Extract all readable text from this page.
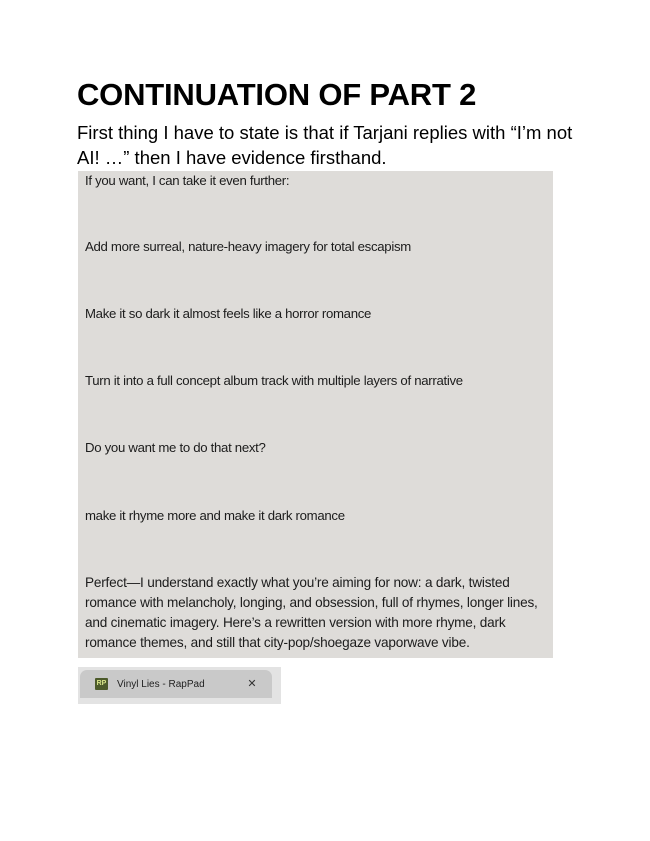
CONTINUATION OF PART 2

First thing I have to state is that if Tarjani replies with “I’m not AI! …” then I have evidence firsthand.

If you want, I can take it even further:

Add more surreal, nature-heavy imagery for total escapism

Make it so dark it almost feels like a horror romance

Turn it into a full concept album track with multiple layers of narrative

Do you want me to do that next?

make it rhyme more and make it dark romance

Perfect—I understand exactly what you’re aiming for now: a dark, twisted romance with melancholy, longing, and obsession, full of rhymes, longer lines, and cinematic imagery. Here’s a rewritten version with more rhyme, dark romance themes, and still that city-pop/shoegaze vaporwave vibe.

RP Vinyl Lies - RapPad	✕
